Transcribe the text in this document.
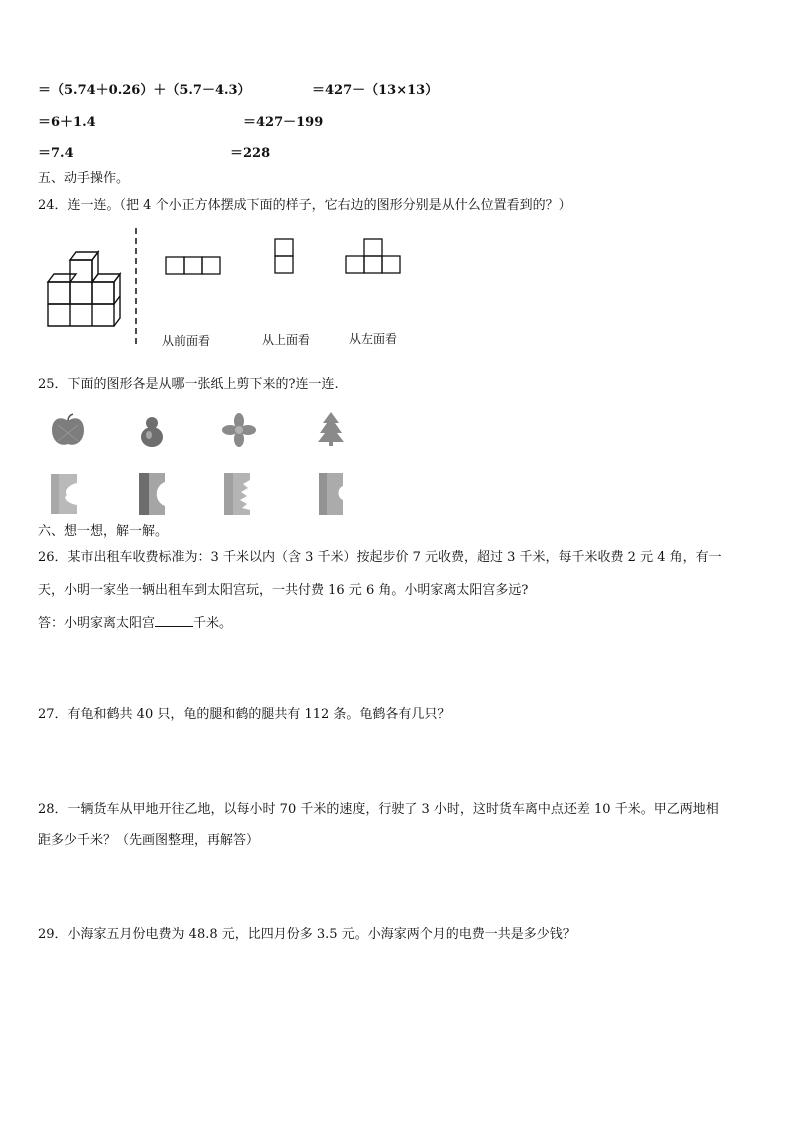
＝（5.74＋0.26）＋（5.7－4.3）	＝427－（13×13）
＝6＋1.4	＝427－199
＝7.4	＝228
五、动手操作。
24．连一连。（把 4 个小正方体摆成下面的样子，它右边的图形分别是从什么位置看到的？）
从前面看	从上面看	从左面看
25．下面的图形各是从哪一张纸上剪下来的?连一连.
六、想一想，解一解。
26．某市出租车收费标准为：3 千米以内（含 3 千米）按起步价 7 元收费，超过 3 千米，每千米收费 2 元 4 角，有一
天，小明一家坐一辆出租车到太阳宫玩，一共付费 16 元 6 角。小明家离太阳宫多远?
答：小明家离太阳宫	千米。
27．有龟和鹤共 40 只，龟的腿和鹤的腿共有 112 条。龟鹤各有几只？
28．一辆货车从甲地开往乙地，以每小时 70 千米的速度，行驶了 3 小时，这时货车离中点还差 10 千米。甲乙两地相
距多少千米？（先画图整理，再解答）
29．小海家五月份电费为 48.8 元，比四月份多 3.5 元。小海家两个月的电费一共是多少钱？
